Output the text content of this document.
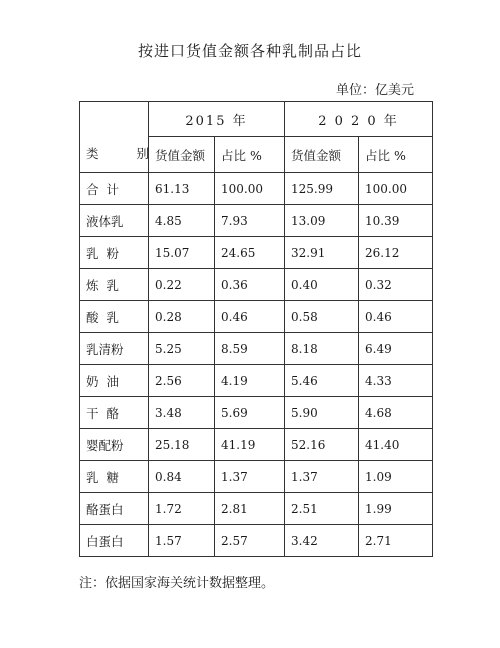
按进口货值金额各种乳制品占比
单位：亿美元
类  别	2015 年		2 0 2 0 年	
	货值金额	占比 %	货值金额	占比 %
合  计	61.13	100.00	125.99	100.00
液体乳	4.85	7.93	13.09	10.39
乳  粉	15.07	24.65	32.91	26.12
炼  乳	0.22	0.36	0.40	0.32
酸  乳	0.28	0.46	0.58	0.46
乳清粉	5.25	8.59	8.18	6.49
奶  油	2.56	4.19	5.46	4.33
干  酪	3.48	5.69	5.90	4.68
婴配粉	25.18	41.19	52.16	41.40
乳  糖	0.84	1.37	1.37	1.09
酪蛋白	1.72	2.81	2.51	1.99
白蛋白	1.57	2.57	3.42	2.71
注：依据国家海关统计数据整理。
